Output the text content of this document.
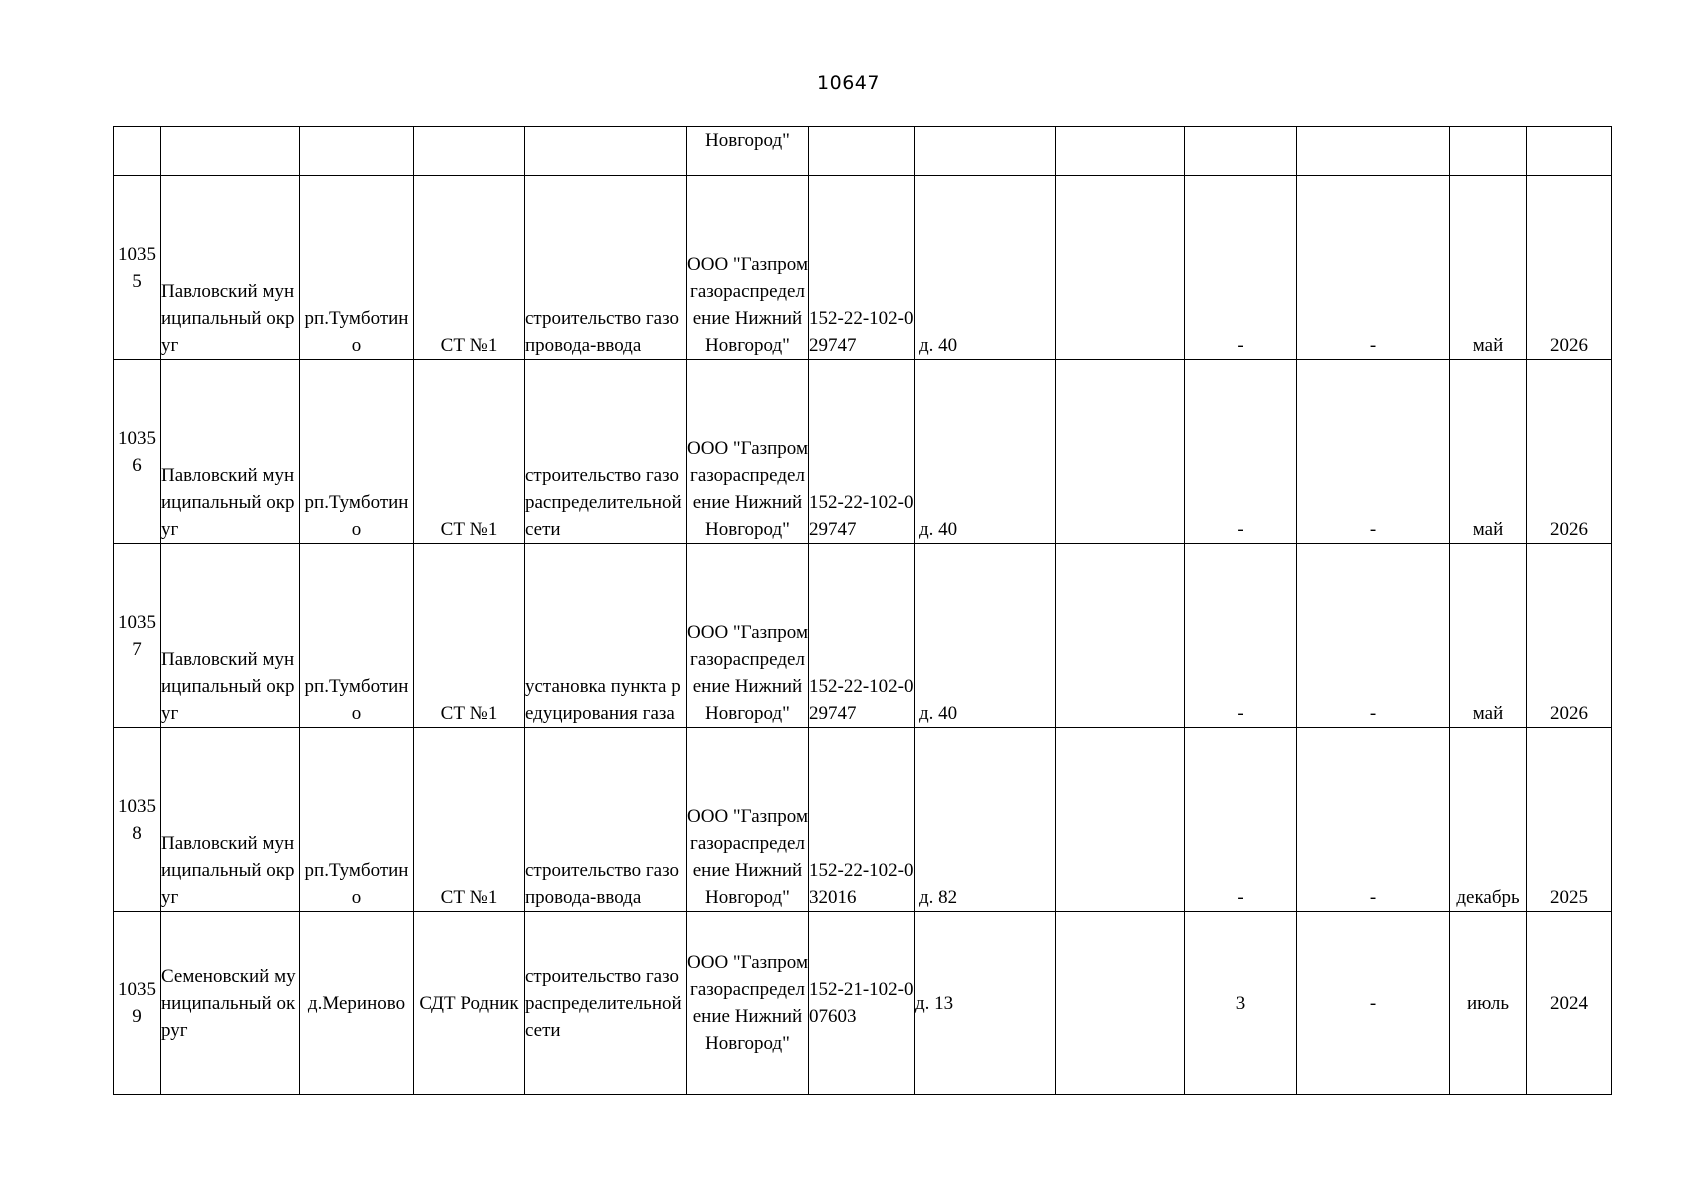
10647
					Новгород"							
10355	Павловский муниципальный округ	рп.Тумботино	СТ №1	строительство газопровода-ввода	ООО "Газпром газораспределение Нижний Новгород"	152-22-102-029747	д. 40		-	-	май	2026
10356	Павловский муниципальный округ	рп.Тумботино	СТ №1	строительство газораспределительной сети	ООО "Газпром газораспределение Нижний Новгород"	152-22-102-029747	д. 40		-	-	май	2026
10357	Павловский муниципальный округ	рп.Тумботино	СТ №1	установка пункта редуцирования газа	ООО "Газпром газораспределение Нижний Новгород"	152-22-102-029747	д. 40		-	-	май	2026
10358	Павловский муниципальный округ	рп.Тумботино	СТ №1	строительство газопровода-ввода	ООО "Газпром газораспределение Нижний Новгород"	152-22-102-032016	д. 82		-	-	декабрь	2025
10359	Семеновский муниципальный округ	д.Мериново	СДТ Родник	строительство газораспределительной сети	ООО "Газпром газораспределение Нижний Новгород"	152-21-102-007603	д. 13		3	-	июль	2024
